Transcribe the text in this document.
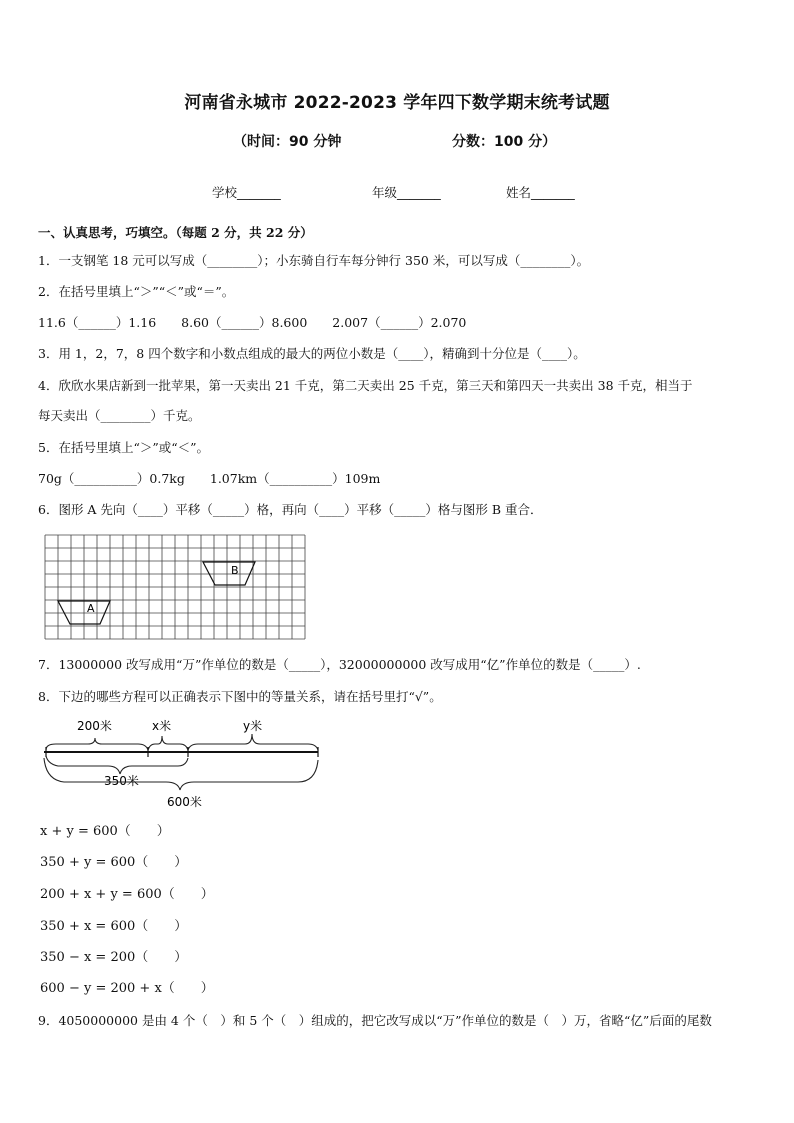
河南省永城市 2022-2023 学年四下数学期末统考试题
（时间：90 分钟	分数：100 分）
学校_______	年级_______	姓名_______
一、认真思考，巧填空。（每题 2 分，共 22 分）
1．一支钢笔 18 元可以写成（________）；小东骑自行车每分钟行 350 米，可以写成（________）。
2．在括号里填上“＞”“＜”或“＝”。
11.6（______）1.16　　8.60（______）8.600　　2.007（______）2.070
3．用 1，2，7，8 四个数字和小数点组成的最大的两位小数是（____），精确到十分位是（____）。
4．欣欣水果店新到一批苹果，第一天卖出 21 千克，第二天卖出 25 千克，第三天和第四天一共卖出 38 千克，相当于
每天卖出（________）千克。
5．在括号里填上“＞”或“＜”。
70g（__________）0.7kg　　1.07km（__________）109m
6．图形 A 先向（____）平移（_____）格，再向（____）平移（_____）格与图形 B 重合．
A
B
7．13000000 改写成用“万”作单位的数是（_____），32000000000 改写成用“亿”作单位的数是（_____）.
8．下边的哪些方程可以正确表示下图中的等量关系，请在括号里打“√”。
200米	x米	y米
350米
600米
x + y = 600（　　）
350 + y = 600（　　）
200 + x + y = 600（　　）
350 + x = 600（　　）
350 − x = 200（　　）
600 − y = 200 + x（　　）
9．4050000000 是由 4 个（　）和 5 个（　）组成的，把它改写成以“万”作单位的数是（　）万，省略“亿”后面的尾数
